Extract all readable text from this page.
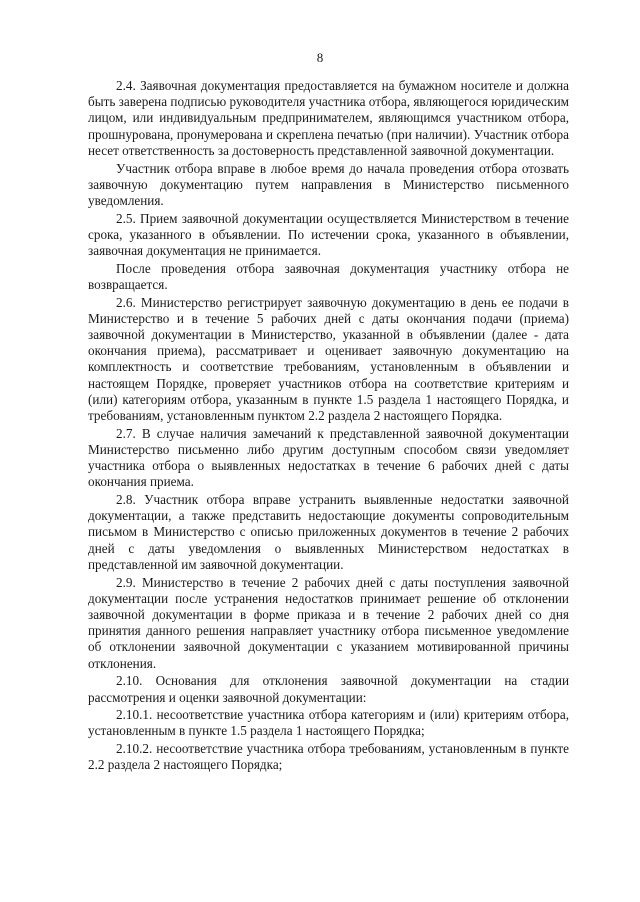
8

2.4. Заявочная документация предоставляется на бумажном носителе и должна быть заверена подписью руководителя участника отбора, являющегося юридическим лицом, или индивидуальным предпринимателем, являющимся участником отбора, прошнурована, пронумерована и скреплена печатью (при наличии). Участник отбора несет ответственность за достоверность представленной заявочной документации.

Участник отбора вправе в любое время до начала проведения отбора отозвать заявочную документацию путем направления в Министерство письменного уведомления.

2.5. Прием заявочной документации осуществляется Министерством в течение срока, указанного в объявлении. По истечении срока, указанного в объявлении, заявочная документация не принимается.

После проведения отбора заявочная документация участнику отбора не возвращается.

2.6. Министерство регистрирует заявочную документацию в день ее подачи в Министерство и в течение 5 рабочих дней с даты окончания подачи (приема) заявочной документации в Министерство, указанной в объявлении (далее - дата окончания приема), рассматривает и оценивает заявочную документацию на комплектность и соответствие требованиям, установленным в объявлении и настоящем Порядке, проверяет участников отбора на соответствие критериям и (или) категориям отбора, указанным в пункте 1.5 раздела 1 настоящего Порядка, и требованиям, установленным пунктом 2.2 раздела 2 настоящего Порядка.

2.7. В случае наличия замечаний к представленной заявочной документации Министерство письменно либо другим доступным способом связи уведомляет участника отбора о выявленных недостатках в течение 6 рабочих дней с даты окончания приема.

2.8. Участник отбора вправе устранить выявленные недостатки заявочной документации, а также представить недостающие документы сопроводительным письмом в Министерство с описью приложенных документов в течение 2 рабочих дней с даты уведомления о выявленных Министерством недостатках в представленной им заявочной документации.

2.9. Министерство в течение 2 рабочих дней с даты поступления заявочной документации после устранения недостатков принимает решение об отклонении заявочной документации в форме приказа и в течение 2 рабочих дней со дня принятия данного решения направляет участнику отбора письменное уведомление об отклонении заявочной документации с указанием мотивированной причины отклонения.

2.10. Основания для отклонения заявочной документации на стадии рассмотрения и оценки заявочной документации:

2.10.1. несоответствие участника отбора категориям и (или) критериям отбора, установленным в пункте 1.5 раздела 1 настоящего Порядка;

2.10.2. несоответствие участника отбора требованиям, установленным в пункте 2.2 раздела 2 настоящего Порядка;
